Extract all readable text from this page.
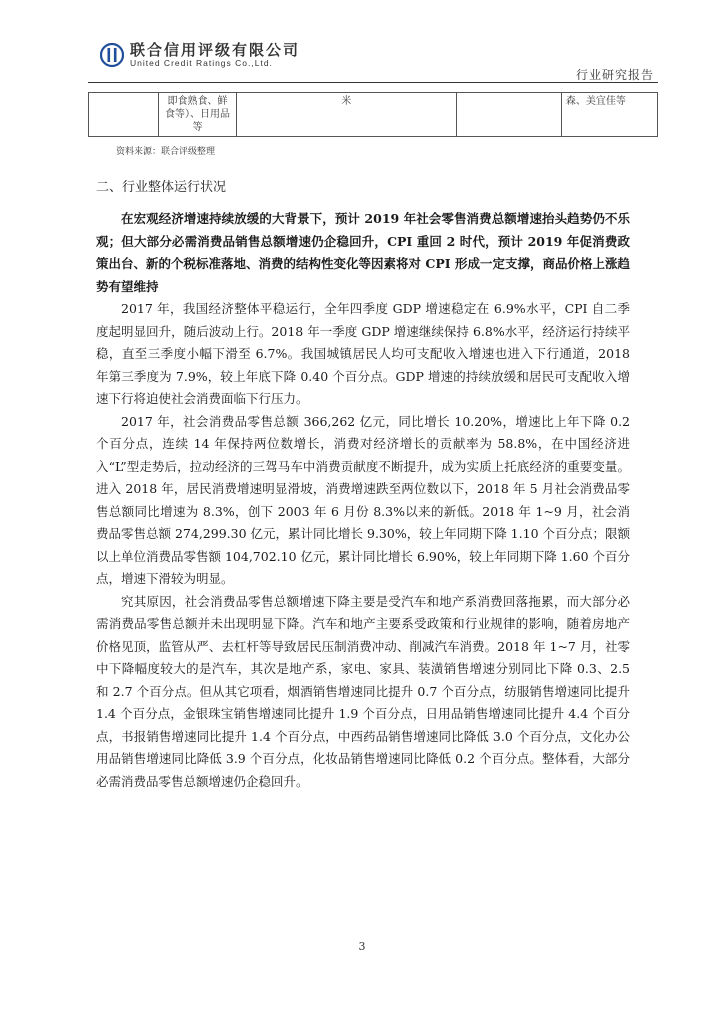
联合信用评级有限公司
United Credit Ratings Co.,Ltd.
行业研究报告
	即食熟食、鲜食等）、日用品等	米		森、美宜佳等
资料来源：联合评级整理
二、行业整体运行状况

在宏观经济增速持续放缓的大背景下，预计 2019 年社会零售消费总额增速抬头趋势仍不乐观；但大部分必需消费品销售总额增速仍企稳回升，CPI 重回 2 时代，预计 2019 年促消费政策出台、新的个税标准落地、消费的结构性变化等因素将对 CPI 形成一定支撑，商品价格上涨趋势有望维持

2017 年，我国经济整体平稳运行，全年四季度 GDP 增速稳定在 6.9%水平，CPI 自二季度起明显回升，随后波动上行。2018 年一季度 GDP 增速继续保持 6.8%水平，经济运行持续平稳，直至三季度小幅下滑至 6.7%。我国城镇居民人均可支配收入增速也进入下行通道，2018 年第三季度为 7.9%，较上年底下降 0.40 个百分点。GDP 增速的持续放缓和居民可支配收入增速下行将迫使社会消费面临下行压力。

2017 年，社会消费品零售总额 366,262 亿元，同比增长 10.20%，增速比上年下降 0.2 个百分点，连续 14 年保持两位数增长，消费对经济增长的贡献率为 58.8%，在中国经济进入“L”型走势后，拉动经济的三驾马车中消费贡献度不断提升，成为实质上托底经济的重要变量。进入 2018 年，居民消费增速明显滑坡，消费增速跌至两位数以下，2018 年 5 月社会消费品零售总额同比增速为 8.3%，创下 2003 年 6 月份 8.3%以来的新低。2018 年 1~9 月，社会消费品零售总额 274,299.30 亿元，累计同比增长 9.30%，较上年同期下降 1.10 个百分点；限额以上单位消费品零售额 104,702.10 亿元，累计同比增长 6.90%，较上年同期下降 1.60 个百分点，增速下滑较为明显。

究其原因，社会消费品零售总额增速下降主要是受汽车和地产系消费回落拖累，而大部分必需消费品零售总额并未出现明显下降。汽车和地产主要系受政策和行业规律的影响，随着房地产价格见顶，监管从严、去杠杆等导致居民压制消费冲动、削减汽车消费。2018 年 1~7 月，社零中下降幅度较大的是汽车，其次是地产系，家电、家具、装潢销售增速分别同比下降 0.3、2.5 和 2.7 个百分点。但从其它项看，烟酒销售增速同比提升 0.7 个百分点，纺服销售增速同比提升 1.4 个百分点，金银珠宝销售增速同比提升 1.9 个百分点，日用品销售增速同比提升 4.4 个百分点，书报销售增速同比提升 1.4 个百分点，中西药品销售增速同比降低 3.0 个百分点，文化办公用品销售增速同比降低 3.9 个百分点，化妆品销售增速同比降低 0.2 个百分点。整体看，大部分必需消费品零售总额增速仍企稳回升。

3
